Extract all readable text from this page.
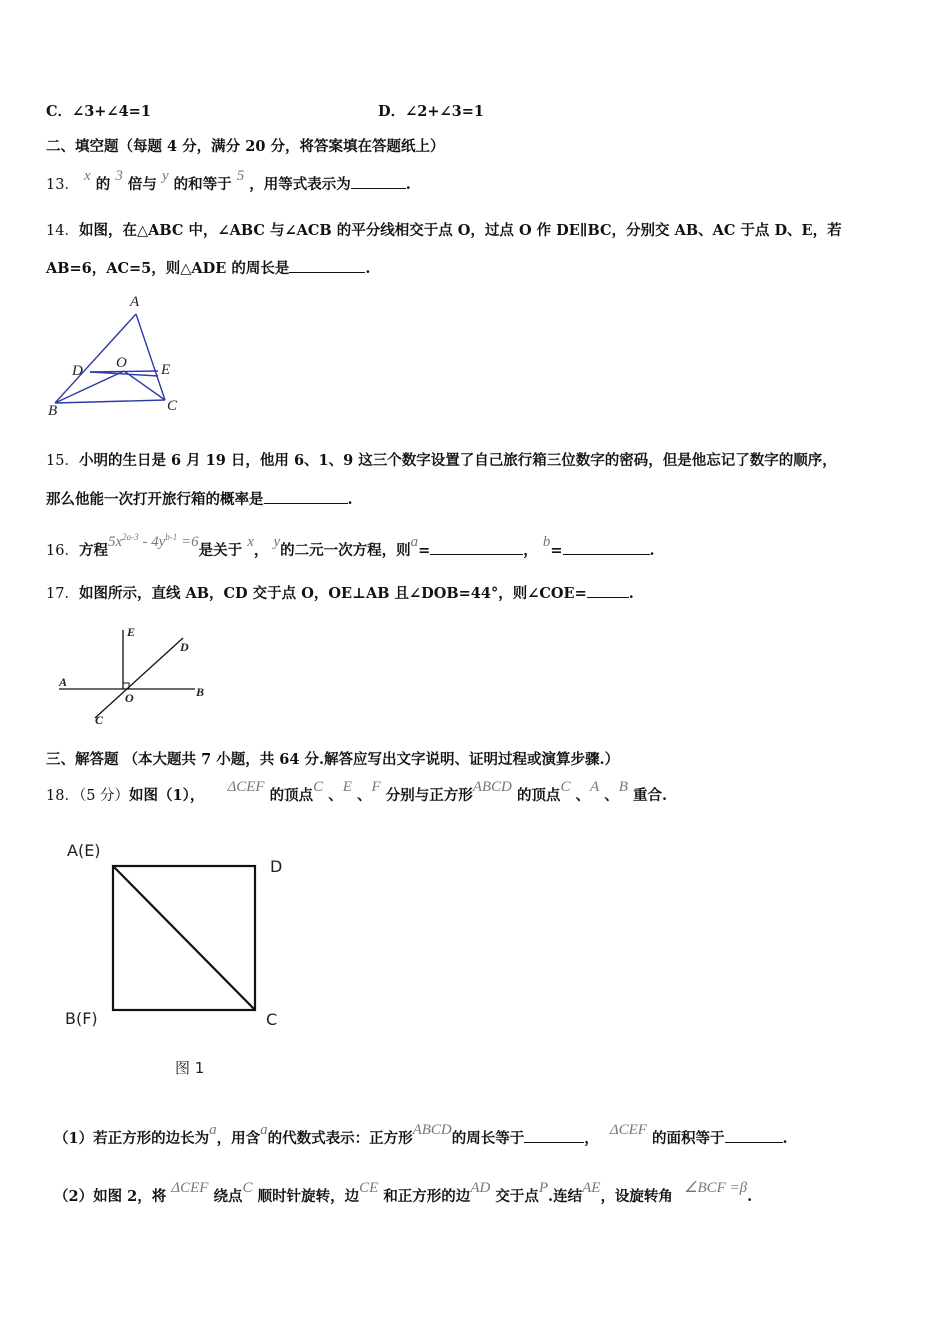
C．∠3+∠4=1	D．∠2+∠3=1
二、填空题（每题 4 分，满分 20 分，将答案填在答题纸上）
13． x 的 3 倍与 y 的和等于 5 ，用等式表示为	.
14．如图，在△ABC 中，∠ABC 与∠ACB 的平分线相交于点 O，过点 O 作 DE∥BC，分别交 AB、AC 于点 D、E，若
AB=6，AC=5，则△ADE 的周长是	.
A
D O E
B	C
15．小明的生日是 6 月 19 日，他用 6、1、9 这三个数字设置了自己旅行箱三位数字的密码，但是他忘记了数字的顺序，
那么他能一次打开旅行箱的概率是	.
16．方程$5x^{2a-3} - 4y^{b-1} =6$是关于 x， y的二元一次方程，则a=	， b=	.
17．如图所示，直线 AB，CD 交于点 O，OE⊥AB 且∠DOB=44°，则∠COE=	.
E
D
A
B
O
C
三、解答题 （本大题共 7 小题，共 64 分.解答应写出文字说明、证明过程或演算步骤.）
18．（5 分）如图（1）， ΔCEF 的顶点C 、E 、F 分别与正方形ABCD 的顶点C 、A 、B 重合.
A(E)
D
B(F)	C
图 1
（1）若正方形的边长为a，用含a的代数式表示：正方形ABCD的周长等于	， ΔCEF 的面积等于	.
（2）如图 2，将 ΔCEF 绕点C 顺时针旋转，边CE 和正方形的边AD 交于点P.连结AE，设旋转角 ∠BCF =β.
